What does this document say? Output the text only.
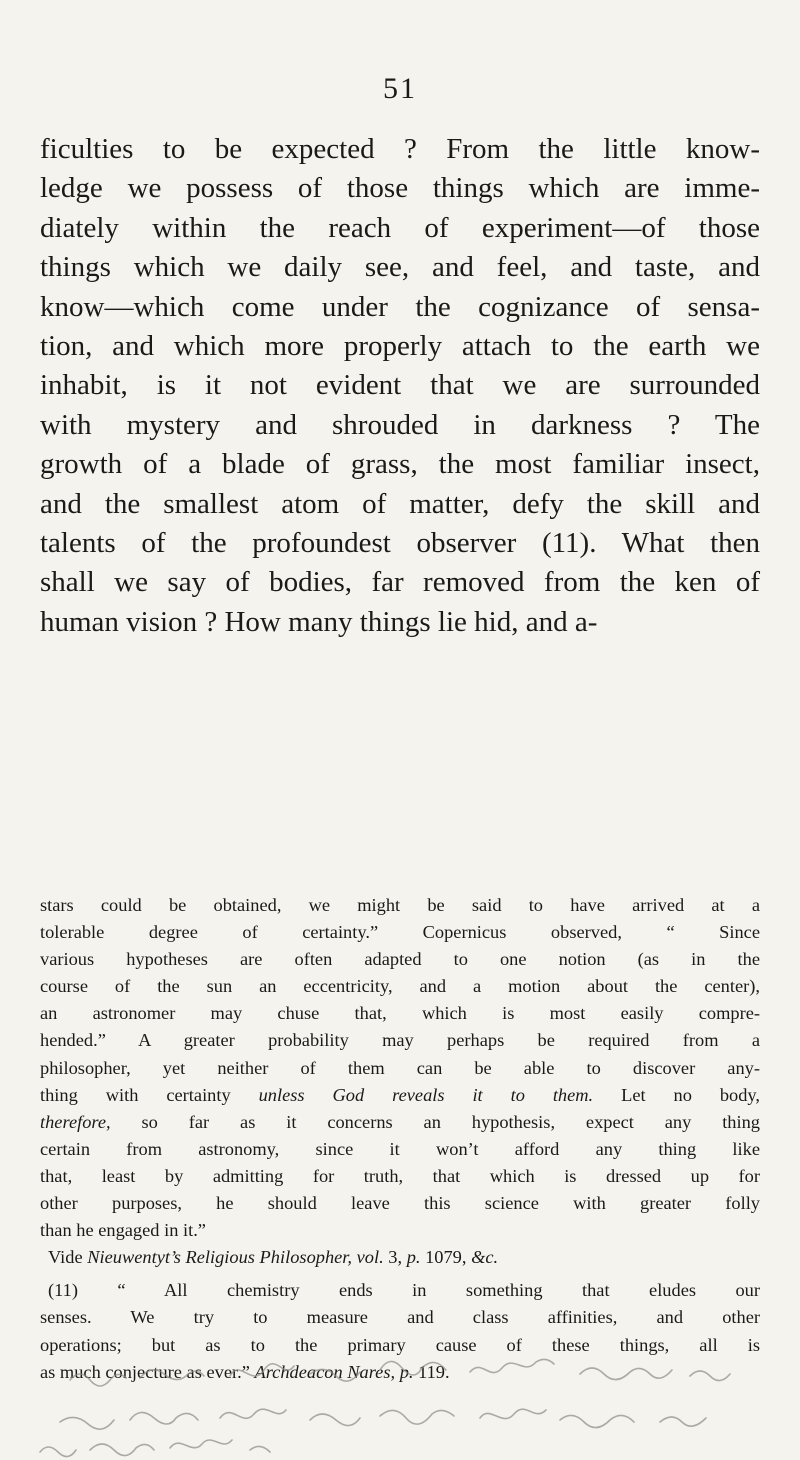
51
ficulties to be expected ? From the little know-
ledge we possess of those things which are imme-
diately within the reach of experiment—of those
things which we daily see, and feel, and taste, and
know—which come under the cognizance of sensa-
tion, and which more properly attach to the earth we
inhabit, is it not evident that we are surrounded
with mystery and shrouded in darkness ? The
growth of a blade of grass, the most familiar insect,
and the smallest atom of matter, defy the skill and
talents of the profoundest observer (11). What then
shall we say of bodies, far removed from the ken of
human vision ? How many things lie hid, and a-
stars could be obtained, we might be said to have arrived at a
tolerable degree of certainty.” Copernicus observed, “ Since
various hypotheses are often adapted to one notion (as in the
course of the sun an eccentricity, and a motion about the center),
an astronomer may chuse that, which is most easily compre-
hended.” A greater probability may perhaps be required from a
philosopher, yet neither of them can be able to discover any-
thing with certainty unless God reveals it to them. Let no body,
therefore, so far as it concerns an hypothesis, expect any thing
certain from astronomy, since it won’t afford any thing like
that, least by admitting for truth, that which is dressed up for
other purposes, he should leave this science with greater folly
than he engaged in it.”
Vide Nieuwentyt’s Religious Philosopher, vol. 3, p. 1079, &c.
(11) “ All chemistry ends in something that eludes our
senses. We try to measure and class affinities, and other
operations; but as to the primary cause of these things, all is
as much conjecture as ever.” Archdeacon Nares, p. 119.
